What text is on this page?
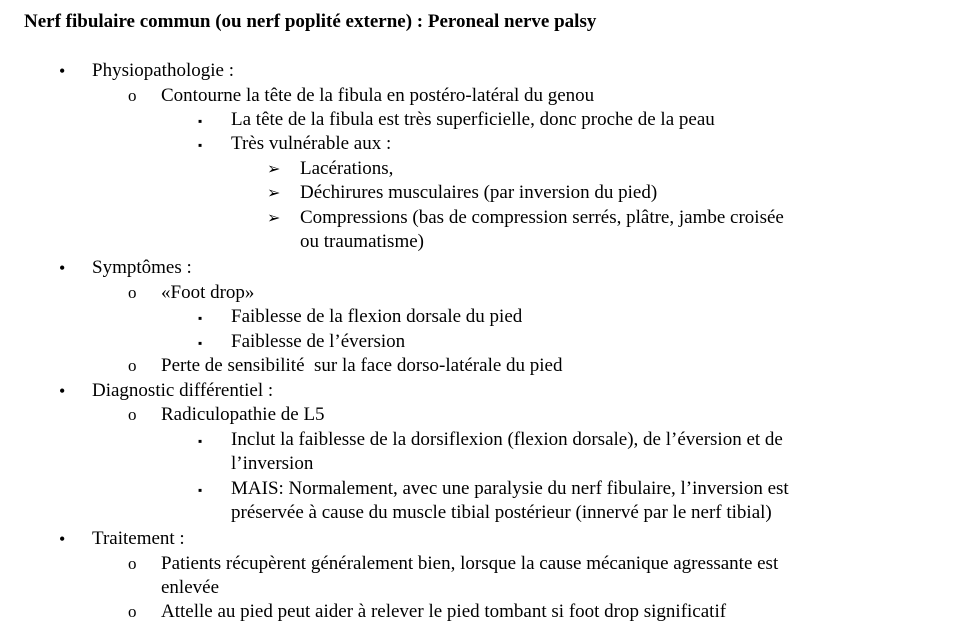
Nerf fibulaire commun (ou nerf poplité externe) : Peroneal nerve palsy
• Physiopathologie :
o Contourne la tête de la fibula en postéro-latéral du genou
▪ La tête de la fibula est très superficielle, donc proche de la peau
▪ Très vulnérable aux :
➢ Lacérations,
➢ Déchirures musculaires (par inversion du pied)
➢ Compressions (bas de compression serrés, plâtre, jambe croisée
ou traumatisme)
• Symptômes :
o «Foot drop»
▪ Faiblesse de la flexion dorsale du pied
▪ Faiblesse de l’éversion
o Perte de sensibilité  sur la face dorso-latérale du pied
• Diagnostic différentiel :
o Radiculopathie de L5
▪ Inclut la faiblesse de la dorsiflexion (flexion dorsale), de l’éversion et de
l’inversion
▪ MAIS: Normalement, avec une paralysie du nerf fibulaire, l’inversion est
préservée à cause du muscle tibial postérieur (innervé par le nerf tibial)
• Traitement :
o Patients récupèrent généralement bien, lorsque la cause mécanique agressante est
enlevée
o Attelle au pied peut aider à relever le pied tombant si foot drop significatif
